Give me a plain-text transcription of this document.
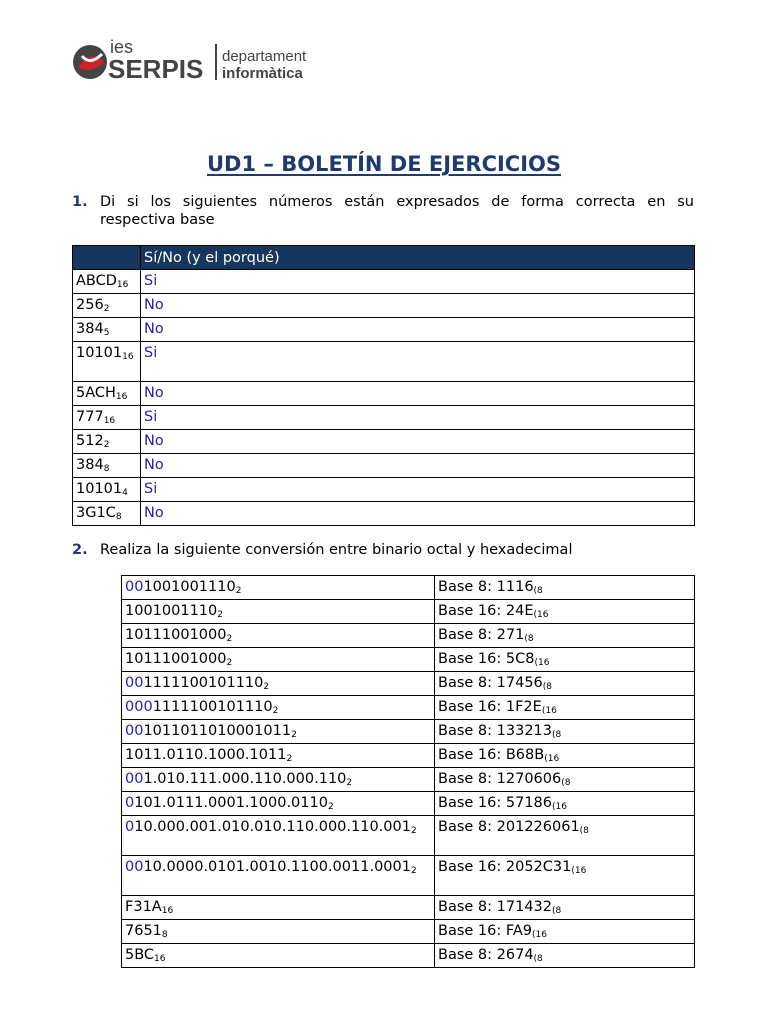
ies
SERPIS departament
informàtica
UD1 – BOLETÍN DE EJERCICIOS
1. Di si los siguientes números están expresados de forma correcta en su respectiva base
	Sí/No (y el porqué)
$ABCD_{16}$	Si
$256_2$	No
$384_5$	No
$10101_{16}$	Si
$5ACH_{16}$	No
$777_{16}$	Si
$512_2$	No
$384_8$	No
$10101_4$	Si
$3G1C_8$	No
2. Realiza la siguiente conversión entre binario octal y hexadecimal
$001001001110_2$	Base 8: $1116_{(8}$
$1001001110_2$	Base 16: $24E_{(16}$
$10111001000_2$	Base 8: $271_{(8}$
$10111001000_2$	Base 16: $5C8_{(16}$
$001111100101110_2$	Base 8: $17456_{(8}$
$0001111100101110_2$	Base 16: $1F2E_{(16}$
$001011011010001011_2$	Base 8: $133213_{(8}$
$1011.0110.1000.1011_2$	Base 16: $B68B_{(16}$
$001.010.111.000.110.000.110_2$	Base 8: $1270606_{(8}$
$0101.0111.0001.1000.0110_2$	Base 16: $57186_{(16}$
$010.000.001.010.010.110.000.110.001_2$	Base 8: $201226061_{(8}$
$0010.0000.0101.0010.1100.0011.0001_2$	Base 16: $2052C31_{(16}$
$F31A_{16}$	Base 8: $171432_{(8}$
$7651_8$	Base 16: $FA9_{(16}$
$5BC_{16}$	Base 8: $2674_{(8}$
